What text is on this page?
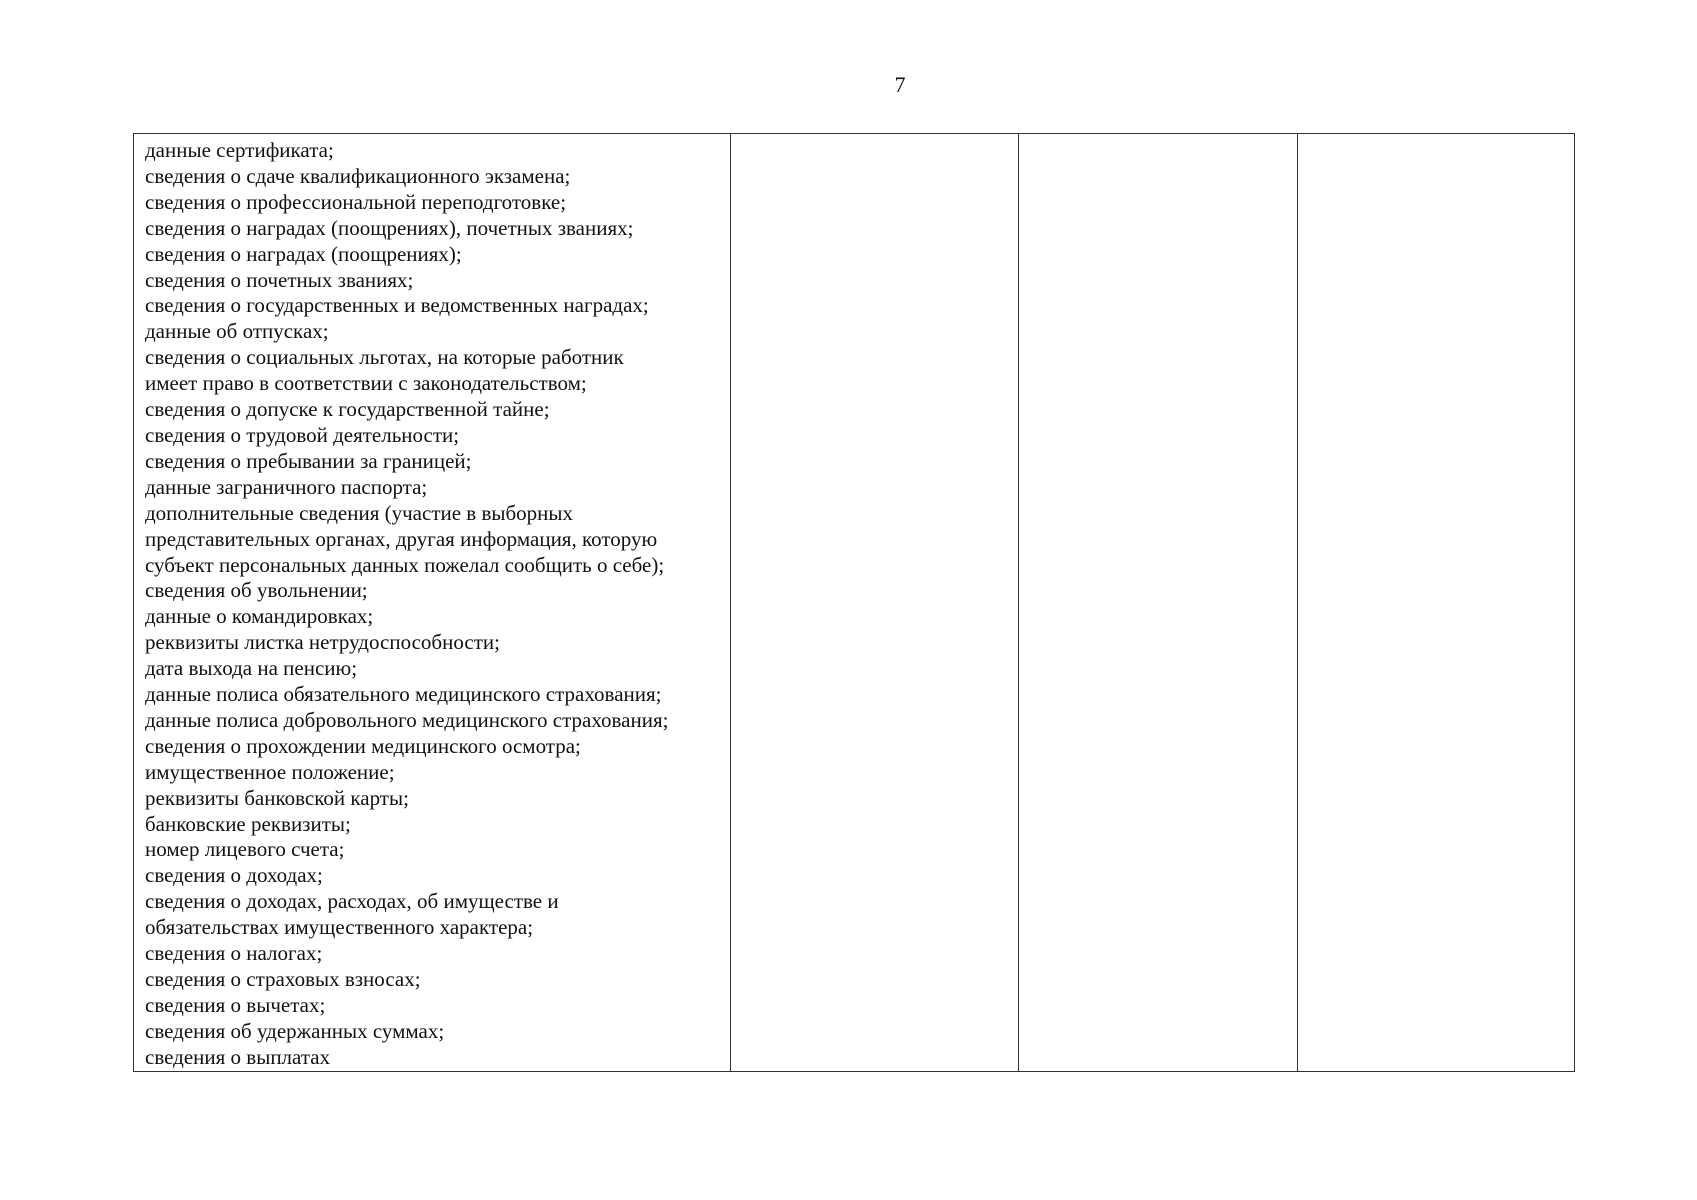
7
данные сертификата;
сведения о сдаче квалификационного экзамена;
сведения о профессиональной переподготовке;
сведения о наградах (поощрениях), почетных званиях;
сведения о наградах (поощрениях);
сведения о почетных званиях;
сведения о государственных и ведомственных наградах;
данные об отпусках;
сведения о социальных льготах, на которые работник
имеет право в соответствии с законодательством;
сведения о допуске к государственной тайне;
сведения о трудовой деятельности;
сведения о пребывании за границей;
данные заграничного паспорта;
дополнительные сведения (участие в выборных
представительных органах, другая информация, которую
субъект персональных данных пожелал сообщить о себе);
сведения об увольнении;
данные о командировках;
реквизиты листка нетрудоспособности;
дата выхода на пенсию;
данные полиса обязательного медицинского страхования;
данные полиса добровольного медицинского страхования;
сведения о прохождении медицинского осмотра;
имущественное положение;
реквизиты банковской карты;
банковские реквизиты;
номер лицевого счета;
сведения о доходах;
сведения о доходах, расходах, об имуществе и
обязательствах имущественного характера;
сведения о налогах;
сведения о страховых взносах;
сведения о вычетах;
сведения об удержанных суммах;
сведения о выплатах
